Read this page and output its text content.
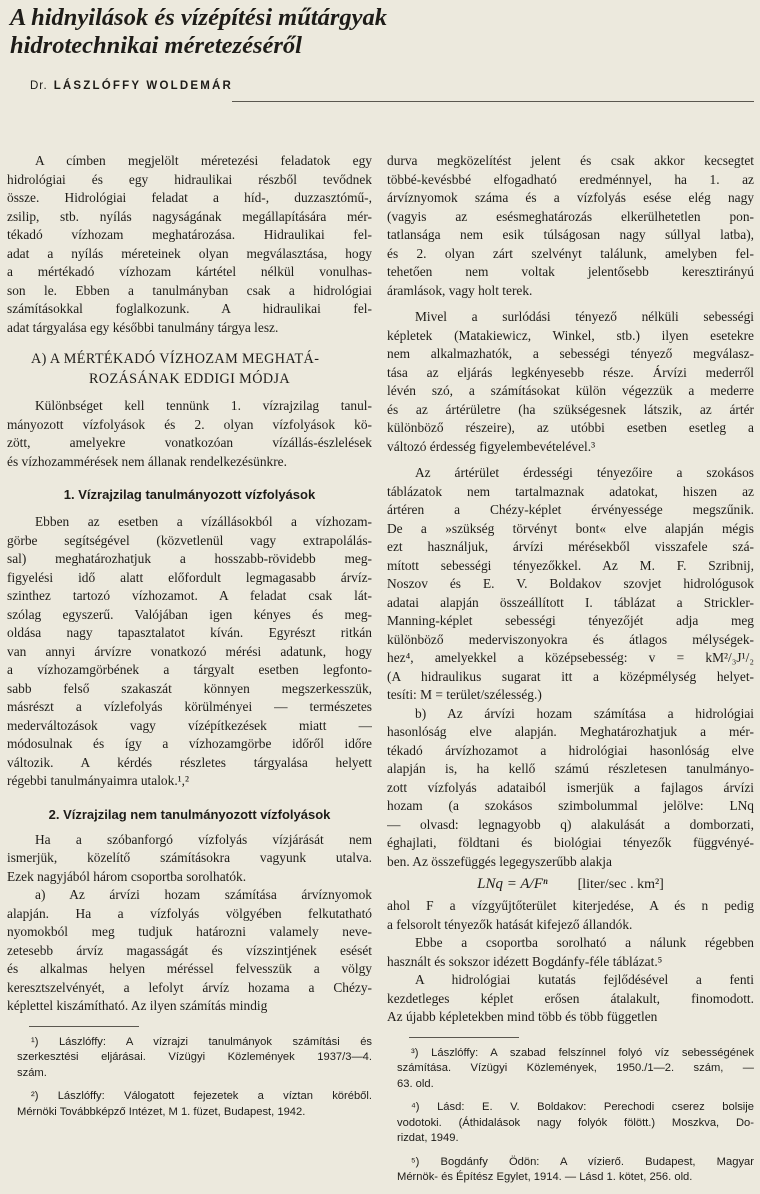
A hidnyilások és vízépítési műtárgyak
hidrotechnikai méretezéséről
Dr. LÁSZLÓFFY WOLDEMÁR
A címben megjelölt méretezési feladatok egy
hidrológiai és egy hidraulikai részből tevődnek
össze. Hidrológiai feladat a híd-, duzzasztómű-,
zsilip, stb. nyílás nagyságának megállapítására mér-
tékadó vízhozam meghatározása. Hidraulikai fel-
adat a nyílás méreteinek olyan megválasztása, hogy
a mértékadó vízhozam kártétel nélkül vonulhas-
son le. Ebben a tanulmányban csak a hidrológiai
számításokkal foglalkozunk. A hidraulikai fel-
adat tárgyalása egy későbbi tanulmány tárgya lesz.
A) A MÉRTÉKADÓ VÍZHOZAM MEGHATÁ-
ROZÁSÁNAK EDDIGI MÓDJA
Különbséget kell tennünk 1. vízrajzilag tanul-
mányozott vízfolyások és 2. olyan vízfolyások kö-
zött, amelyekre vonatkozóan vízállás-észlelések
és vízhozammérések nem állanak rendelkezésünkre.
1. Vízrajzilag tanulmányozott vízfolyások
Ebben az esetben a vízállásokból a vízhozam-
görbe segítségével (közvetlenül vagy extrapolálás-
sal) meghatározhatjuk a hosszabb-rövidebb meg-
figyelési idő alatt előfordult legmagasabb árvíz-
szinthez tartozó vízhozamot. A feladat csak lát-
szólag egyszerű. Valójában igen kényes és meg-
oldása nagy tapasztalatot kíván. Egyrészt ritkán
van annyi árvízre vonatkozó mérési adatunk, hogy
a vízhozamgörbének a tárgyalt esetben legfonto-
sabb felső szakaszát könnyen megszerkesszük,
másrészt a vízlefolyás körülményei — természetes
mederváltozások vagy vízépítkezések miatt —
módosulnak és így a vízhozamgörbe időről időre
változik. A kérdés részletes tárgyalása helyett
régebbi tanulmányaimra utalok.¹,²
2. Vízrajzilag nem tanulmányozott vízfolyások
Ha a szóbanforgó vízfolyás vízjárását nem
ismerjük, közelítő számításokra vagyunk utalva.
Ezek nagyjából három csoportba sorolhatók.
a) Az árvízi hozam számítása árvíznyomok
alapján. Ha a vízfolyás völgyében felkutatható
nyomokból meg tudjuk határozni valamely neve-
zetesebb árvíz magasságát és vízszintjének esését
és alkalmas helyen méréssel felvesszük a völgy
keresztszelvényét, a lefolyt árvíz hozama a Chézy-
képlettel kiszámítható. Az ilyen számítás mindig
¹) Lászlóffy: A vízrajzi tanulmányok számítási és
szerkesztési eljárásai. Vízügyi Közlemények 1937/3—4.
szám.
²) Lászlóffy: Válogatott fejezetek a víztan köréből.
Mérnöki Továbbképző Intézet, M 1. füzet, Budapest, 1942.
durva megközelítést jelent és csak akkor kecsegtet
többé-kevésbbé elfogadható eredménnyel, ha 1. az
árvíznyomok száma és a vízfolyás esése elég nagy
(vagyis az esésmeghatározás elkerülhetetlen pon-
tatlansága nem esik túlságosan nagy súllyal latba),
és 2. olyan zárt szelvényt találunk, amelyben fel-
tehetően nem voltak jelentősebb keresztirányú
áramlások, vagy holt terek.
Mivel a surlódási tényező nélküli sebességi
képletek (Matakiewicz, Winkel, stb.) ilyen esetekre
nem alkalmazhatók, a sebességi tényező megválasz-
tása az eljárás legkényesebb része. Árvízi mederről
lévén szó, a számításokat külön végezzük a mederre
és az ártérületre (ha szükségesnek látszik, az ártér
különböző részeire), az utóbbi esetben esetleg a
változó érdesség figyelembevételével.³
Az ártérület érdességi tényezőire a szokásos
táblázatok nem tartalmaznak adatokat, hiszen az
ártéren a Chézy-képlet érvényessége megszűnik.
De a »szükség törvényt bont« elve alapján mégis
ezt használjuk, árvízi mérésekből visszafele szá-
mított sebességi tényezőkkel. Az M. F. Szribnij,
Noszov és E. V. Boldakov szovjet hidrológusok
adatai alapján összeállított I. táblázat a Strickler-
Manning-képlet sebességi tényezőjét adja meg
különböző mederviszonyokra és átlagos mélységek-
hez⁴, amelyekkel a középsebesség: v = kM²/₃J¹/₂
(A hidraulikus sugarat itt a középmélység helyet-
tesíti: M = terület/szélesség.)
b) Az árvízi hozam számítása a hidrológiai
hasonlóság elve alapján. Meghatározhatjuk a mér-
tékadó árvízhozamot a hidrológiai hasonlóság elve
alapján is, ha kellő számú részletesen tanulmányo-
zott vízfolyás adataiból ismerjük a fajlagos árvízi
hozam (a szokásos szimbolummal jelölve: LNq
— olvasd: legnagyobb q) alakulását a domborzati,
éghajlati, földtani és biológiai tényezők függvényé-
ben. Az összefüggés legegyszerűbb alakja
LNq = A/Fⁿ [liter/sec . km²]
ahol F a vízgyűjtőterület kiterjedése, A és n pedig
a felsorolt tényezők hatását kifejező állandók.
Ebbe a csoportba sorolható a nálunk régebben
használt és sokszor idézett Bogdánfy-féle táblázat.⁵
A hidrológiai kutatás fejlődésével a fenti
kezdetleges képlet erősen átalakult, finomodott.
Az újabb képletekben mind több és több független
³) Lászlóffy: A szabad felszínnel folyó víz sebességének
számítása. Vízügyi Közlemények, 1950./1—2. szám, —
63. old.
⁴) Lásd: E. V. Boldakov: Perechodi cserez bolsije
vodotoki. (Áthidalások nagy folyók fölött.) Moszkva, Do-
rizdat, 1949.
⁵) Bogdánfy Ödön: A vízierő. Budapest, Magyar
Mérnök- és Építész Egylet, 1914. — Lásd 1. kötet, 256. old.
